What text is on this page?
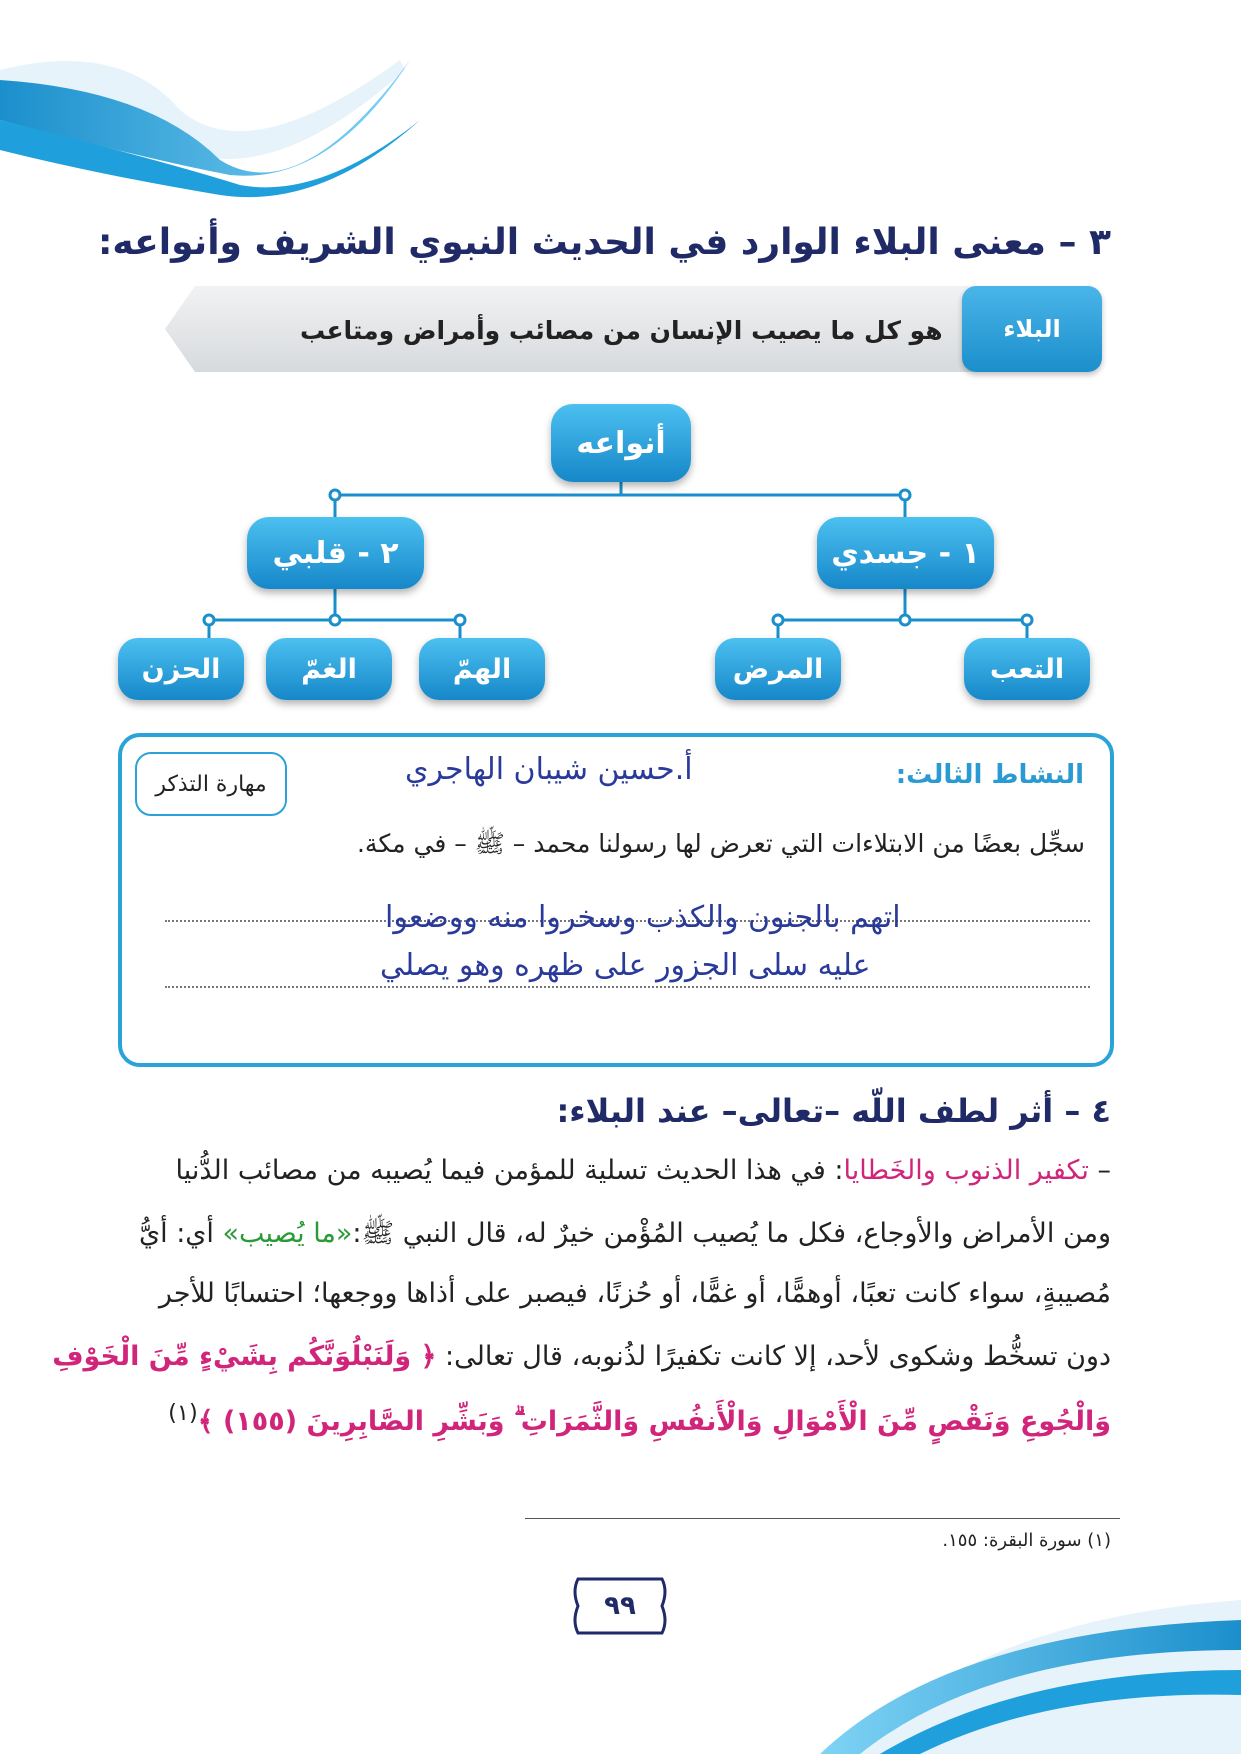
٣ – معنى البلاء الوارد في الحديث النبوي الشريف وأنواعه:
هو كل ما يصيب الإنسان من مصائب وأمراض ومتاعب	البلاء
أنواعه
١ - جسدي
٢ - قلبي
التعب
المرض
الهمّ
الغمّ
الحزن
النشاط الثالث:
أ.حسين شيبان الهاجري
مهارة التذكر
سجِّل بعضًا من الابتلاءات التي تعرض لها رسولنا محمد – ﷺ – في مكة.
اتهم بالجنون والكذب وسخروا منه ووضعوا
عليه سلى الجزور على ظهره وهو يصلي
٤ – أثر لطف اللّه –تعالى– عند البلاء:
– تكفير الذنوب والخَطايا: في هذا الحديث تسلية للمؤمن فيما يُصيبه من مصائب الدُّنيا
ومن الأمراض والأوجاع، فكل ما يُصيب المُؤْمن خيرٌ له، قال النبي ﷺ:«ما يُصيب» أي: أيُّ
مُصيبةٍ، سواء كانت تعبًا، أوهمًّا، أو غمًّا، أو حُزنًا، فيصبر على أذاها ووجعها؛ احتسابًا للأجر
دون تسخُّط وشكوى لأحد، إلا كانت تكفيرًا لذُنوبه، قال تعالى: ﴿ وَلَنَبْلُوَنَّكُم بِشَيْءٍ مِّنَ الْخَوْفِ
وَالْجُوعِ وَنَقْصٍ مِّنَ الْأَمْوَالِ وَالْأَنفُسِ وَالثَّمَرَاتِ ۗ وَبَشِّرِ الصَّابِرِينَ (١٥٥) ﴾$^{(١)}$
(١) سورة البقرة: ١٥٥.
٩٩
